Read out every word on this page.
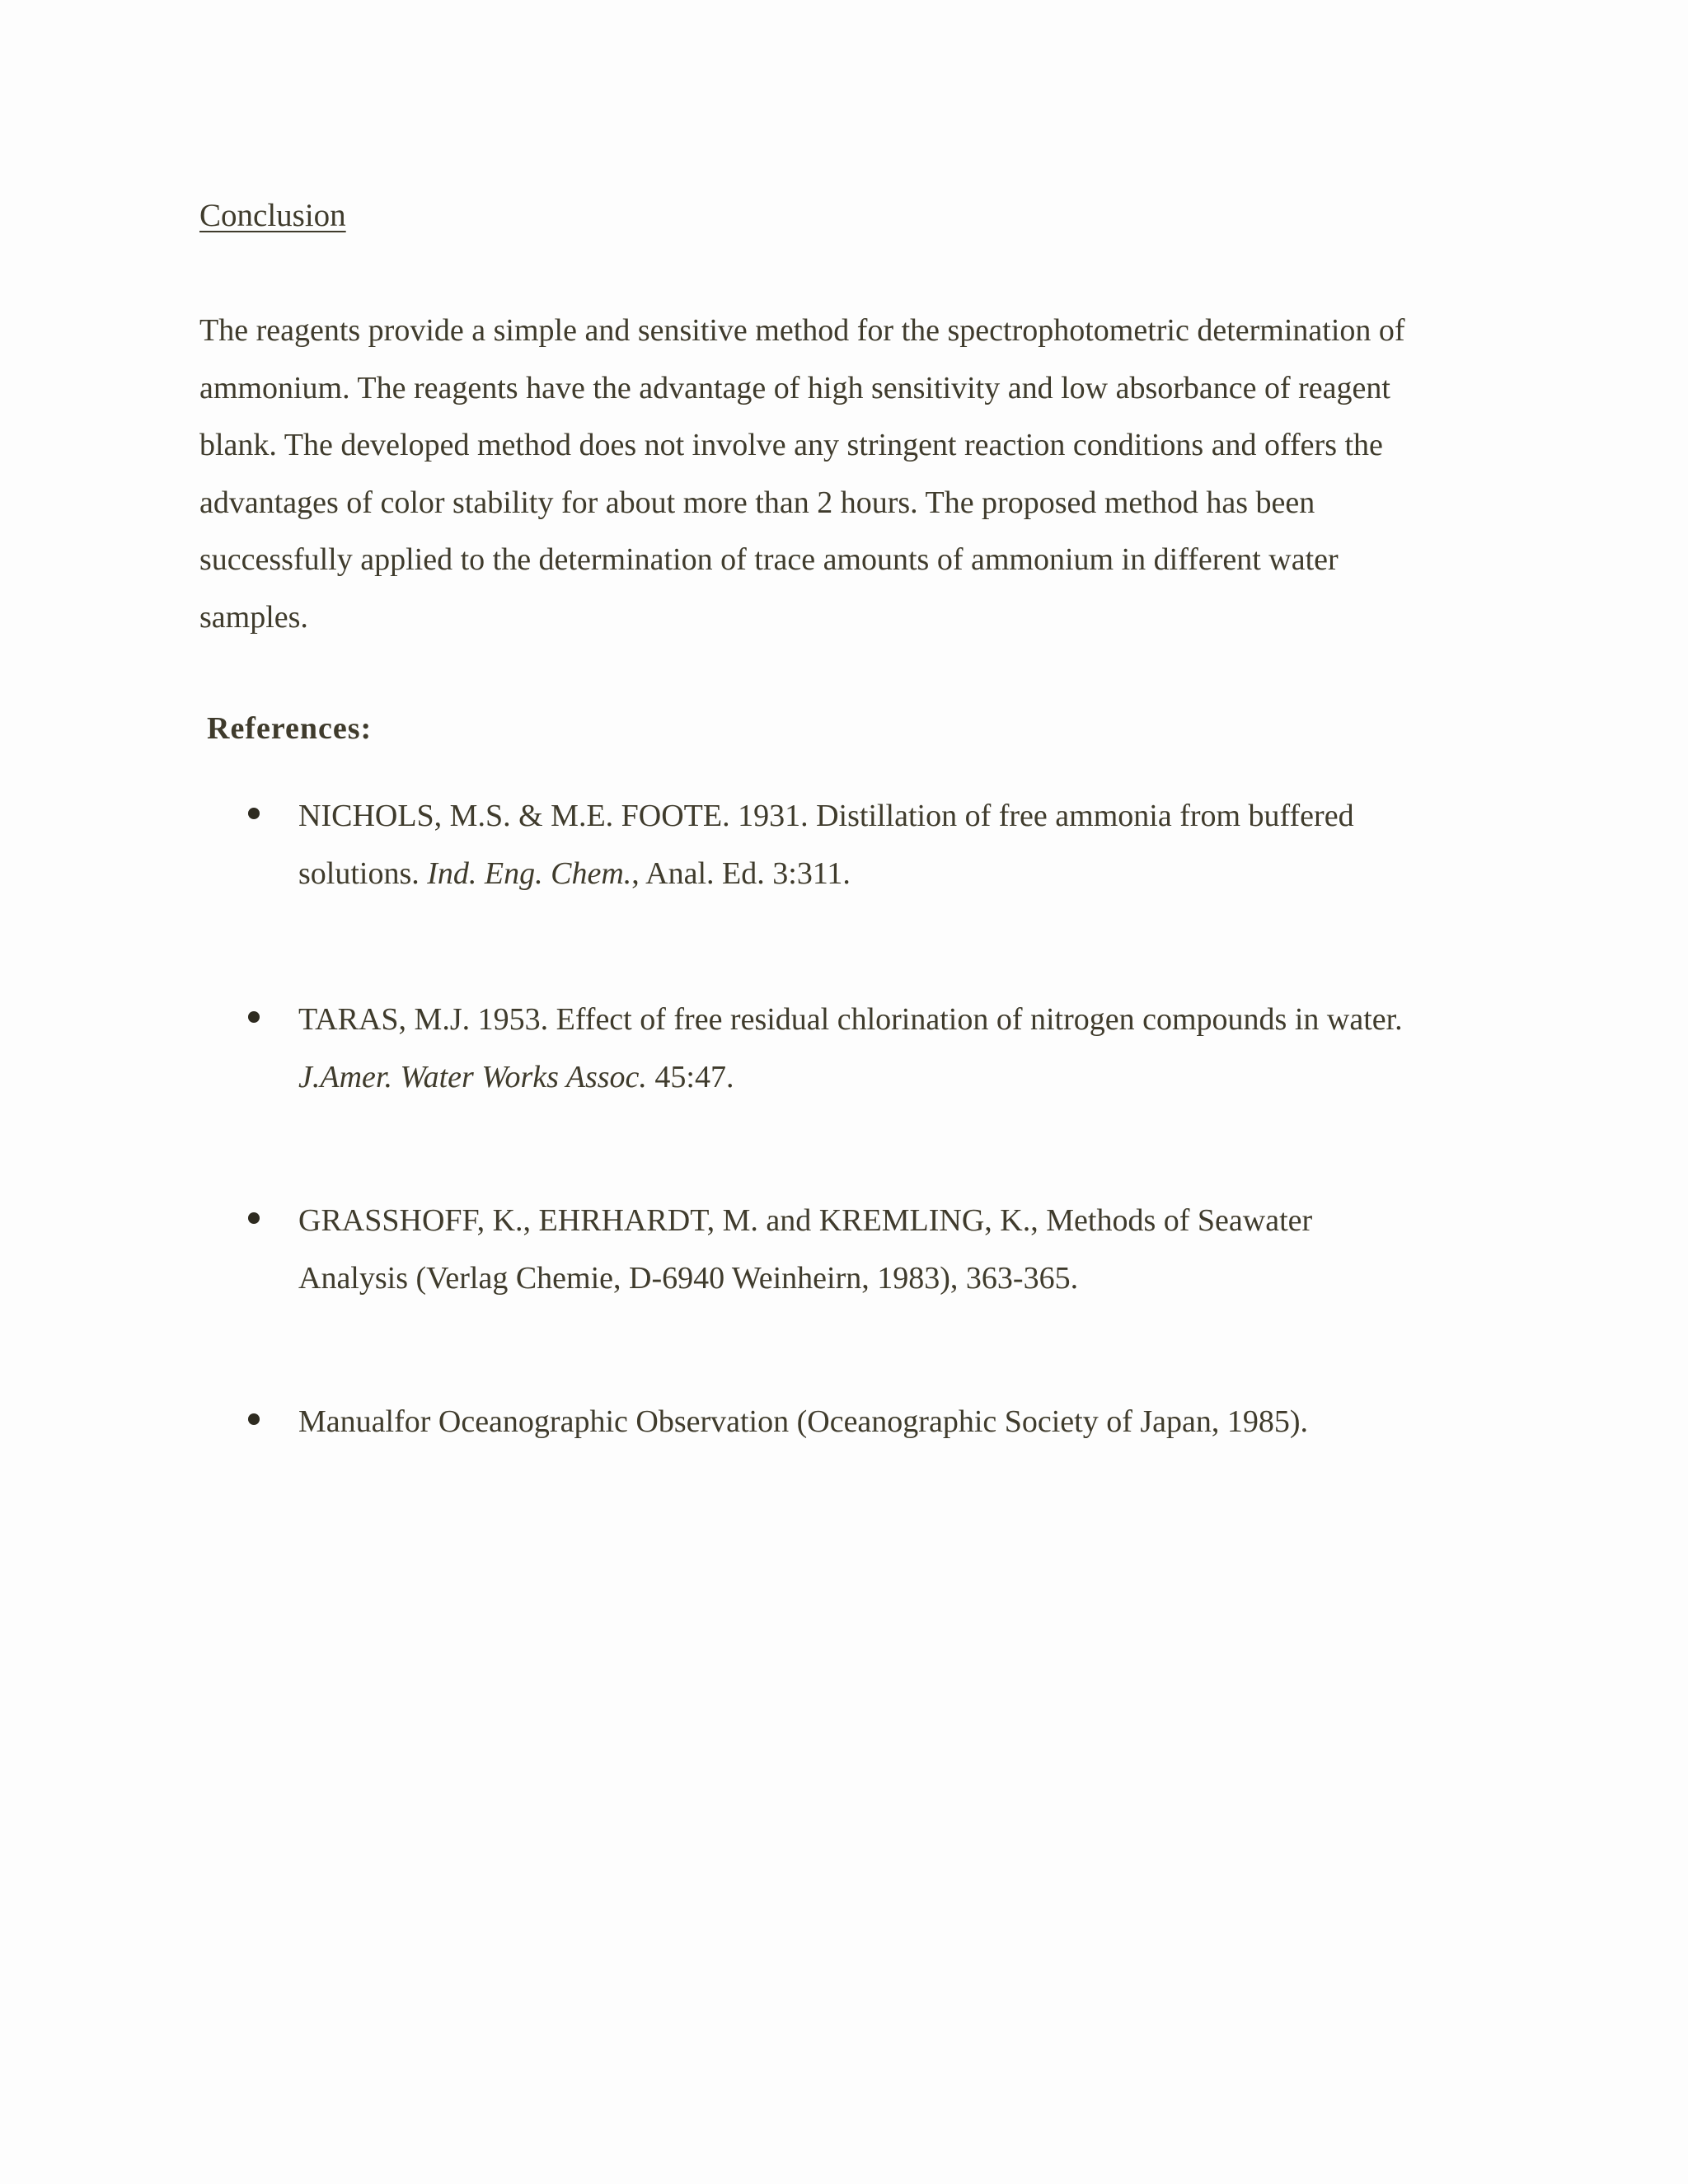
Conclusion

The reagents provide a simple and sensitive method for the spectrophotometric determination of
ammonium. The reagents have the advantage of high sensitivity and low absorbance of reagent
blank. The developed method does not involve any stringent reaction conditions and offers the
advantages of color stability for about more than 2 hours. The proposed method has been
successfully applied to the determination of trace amounts of ammonium in different water
samples.

References:
NICHOLS, M.S. & M.E. FOOTE. 1931. Distillation of free ammonia from buffered
solutions. Ind. Eng. Chem., Anal. Ed. 3:311.
TARAS, M.J. 1953. Effect of free residual chlorination of nitrogen compounds in water.
J.Amer. Water Works Assoc. 45:47.
GRASSHOFF, K., EHRHARDT, M. and KREMLING, K., Methods of Seawater
Analysis (Verlag Chemie, D-6940 Weinheirn, 1983), 363-365.
Manualfor Oceanographic Observation (Oceanographic Society of Japan, 1985).
